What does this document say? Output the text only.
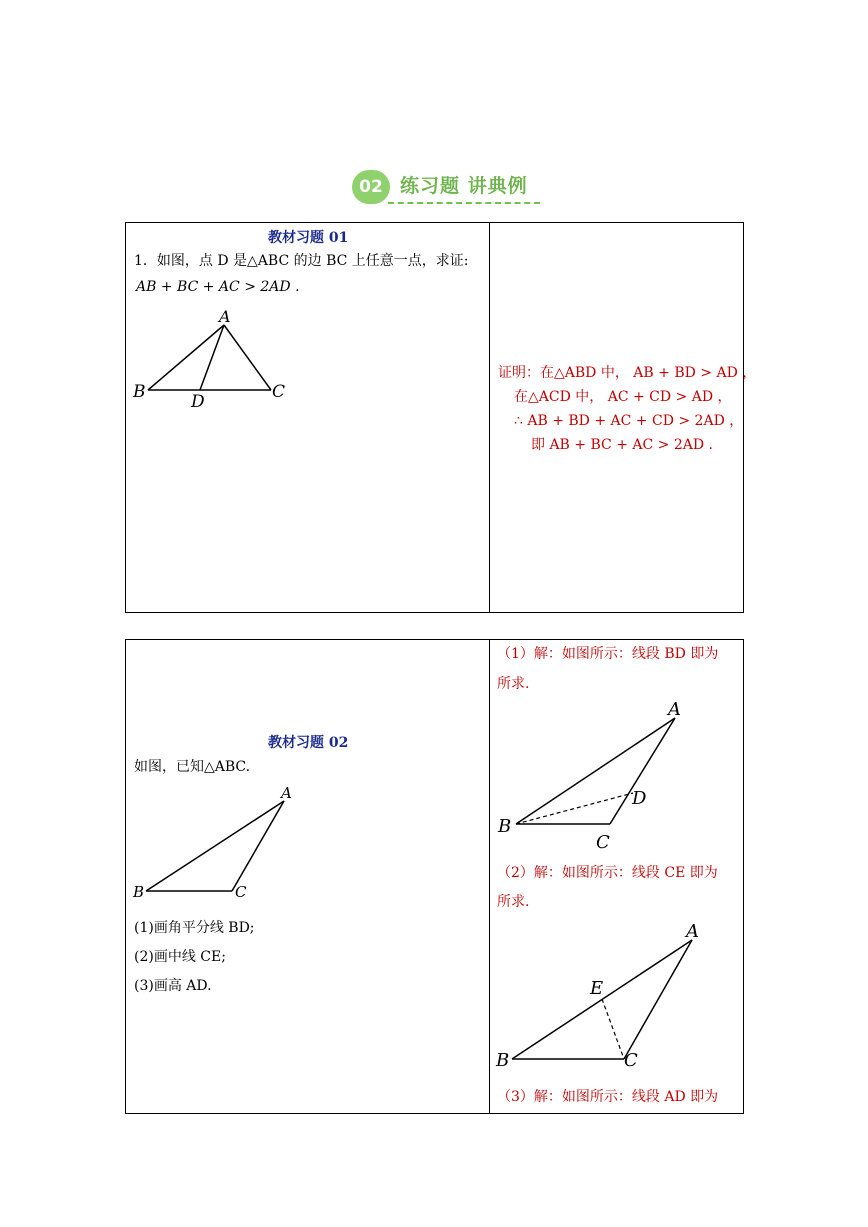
02 练习题 讲典例
教材习题 01
1．如图，点 D 是△ABC 的边 BC 上任意一点，求证:
AB + BC + AC > 2AD .
A
B	C
D
证明：在△ABD 中， AB + BD > AD ，
在△ACD 中， AC + CD > AD ，
∴ AB + BD + AC + CD > 2AD ，
即 AB + BC + AC > 2AD .
教材习题 02
如图，已知△ABC.
A
B	C
(1)画角平分线 BD;
(2)画中线 CE;
(3)画高 AD.
（1）解：如图所示：线段 BD 即为
所求.
A
B
C
D
（2）解：如图所示：线段 CE 即为
所求.
A
B	C
E
（3）解：如图所示：线段 AD 即为
